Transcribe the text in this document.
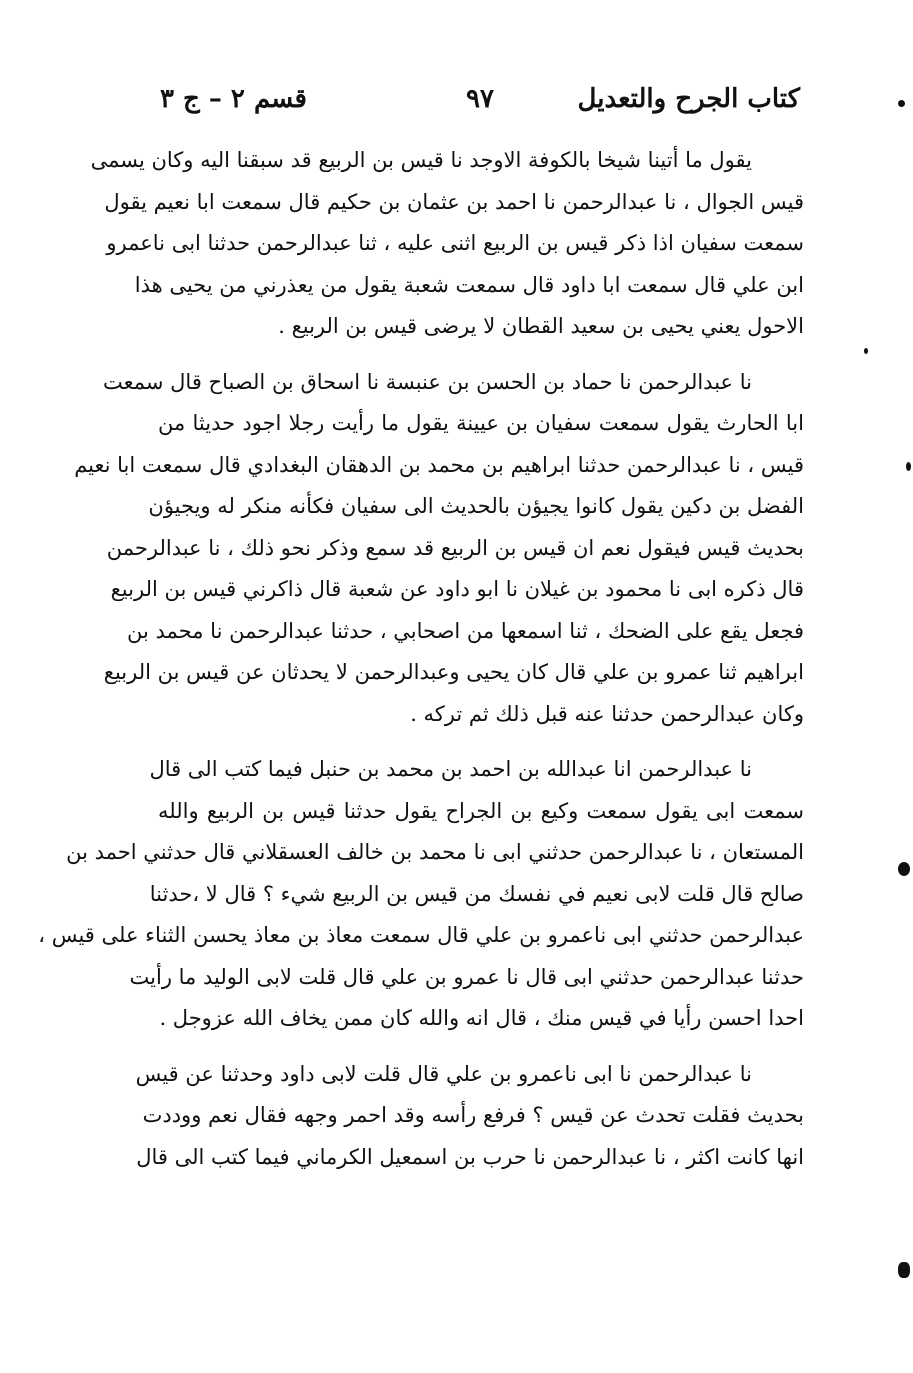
كتاب الجرح والتعديل
٩٧
قسم ٢ – ج ٣
يقول ما أتينا شيخا بالكوفة الاوجد نا قيس بن الربيع قد سبقنا اليه وكان يسمى
قيس الجوال ، نا عبدالرحمن نا احمد بن عثمان بن حكيم قال سمعت ابا نعيم يقول
سمعت سفيان اذا ذكر قيس بن الربيع اثنى عليه ، ثنا عبدالرحمن حدثنا ابى ناعمرو
ابن علي قال سمعت ابا داود قال سمعت شعبة يقول من يعذرني من يحيى هذا
الاحول يعني يحيى بن سعيد القطان لا يرضى قيس بن الربيع .
نا عبدالرحمن نا حماد بن الحسن بن عنبسة نا اسحاق بن الصباح قال سمعت
ابا الحارث يقول سمعت سفيان بن عيينة يقول ما رأيت رجلا اجود حديثا من
قيس ، نا عبدالرحمن حدثنا ابراهيم بن محمد بن الدهقان البغدادي قال سمعت ابا نعيم
الفضل بن دكين يقول كانوا يجيؤن بالحديث الى سفيان فكأنه منكر له ويجيؤن
بحديث قيس فيقول نعم ان قيس بن الربيع قد سمع وذكر نحو ذلك ، نا عبدالرحمن
قال ذكره ابى نا محمود بن غيلان نا ابو داود عن شعبة قال ذاكرني قيس بن الربيع
فجعل يقع على الضحك ، ثنا اسمعها من اصحابي ، حدثنا عبدالرحمن نا محمد بن
ابراهيم ثنا عمرو بن علي قال كان يحيى وعبدالرحمن لا يحدثان عن قيس بن الربيع
وكان عبدالرحمن حدثنا عنه قبل ذلك ثم تركه .
نا عبدالرحمن انا عبدالله بن احمد بن محمد بن حنبل فيما كتب الى قال
سمعت ابى يقول سمعت وكيع بن الجراح يقول حدثنا قيس بن الربيع والله
المستعان ، نا عبدالرحمن حدثني ابى نا محمد بن خالف العسقلاني قال حدثني احمد بن
صالح قال قلت لابى نعيم في نفسك من قيس بن الربيع شيء ؟ قال لا ،حدثنا
عبدالرحمن حدثني ابى ناعمرو بن علي قال سمعت معاذ بن معاذ يحسن الثناء على قيس ،
حدثنا عبدالرحمن حدثني ابى قال نا عمرو بن علي قال قلت لابى الوليد ما رأيت
احدا احسن رأيا في قيس منك ، قال انه والله كان ممن يخاف الله عزوجل .
نا عبدالرحمن نا ابى ناعمرو بن علي قال قلت لابى داود وحدثنا عن قيس
بحديث فقلت تحدث عن قيس ؟ فرفع رأسه وقد احمر وجهه فقال نعم ووددت
انها كانت اكثر ، نا عبدالرحمن نا حرب بن اسمعيل الكرماني فيما كتب الى قال
